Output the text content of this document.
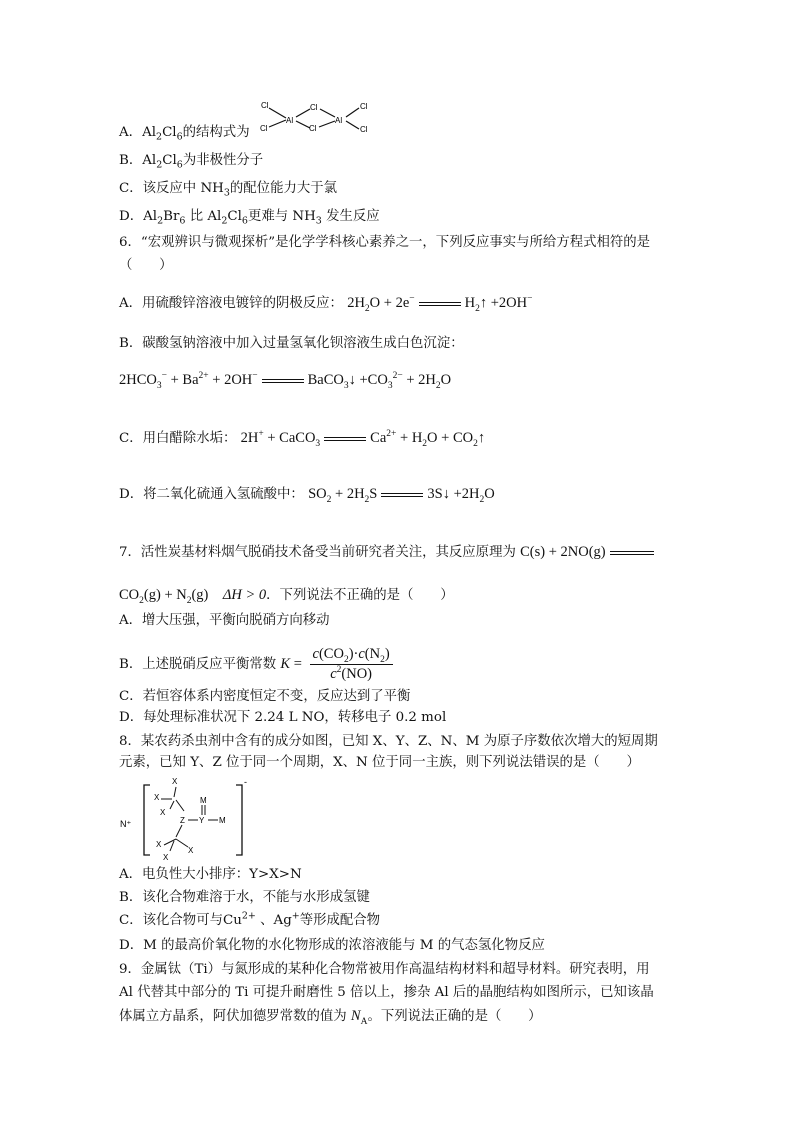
A．$Al_2Cl_6$的结构式为
Cl
Cl
Al
Cl
Cl
Al
Cl
Cl
B．$Al_2Cl_6$为非极性分子
C．该反应中 $NH_3$的配位能力大于氯
D．$Al_2Br_6$ 比 $Al_2Cl_6$更难与 $NH_3$ 发生反应
6．“宏观辨识与微观探析”是化学学科核心素养之一，下列反应事实与所给方程式相符的是
（　　）
A．用硫酸锌溶液电镀锌的阴极反应： $2H_2O + 2e^-$	$H_2↑ +2OH^-$
B．碳酸氢钠溶液中加入过量氢氧化钡溶液生成白色沉淀：
$2HCO_3^- + Ba^{2+} + 2OH^-$	BaCO$_3$↓ $+CO_3^{2-} + 2H_2O$
C．用白醋除水垢： 2H+ + CaCO$_3$	$Ca^{2+} + H_2O$ + $CO_2↑$
D．将二氧化硫通入氢硫酸中： $SO_2 + 2H_2S$	3S↓ $+2H_2O$
7．活性炭基材料烟气脱硝技术备受当前研究者关注，其反应原理为 C(s) + 2NO(g)
$CO_2(g) + N_2(g)$    ΔH > 0．下列说法不正确的是（　　）
A．增大压强，平衡向脱硝方向移动
B．上述脱硝反应平衡常数 $K = \frac{c(CO_2)\cdot c(N_2)}{c^2(NO)}$
C．若恒容体系内密度恒定不变，反应达到了平衡
D．每处理标准状况下 2.24 L NO，转移电子 0.2 mol
8．某农药杀虫剂中含有的成分如图，已知 X、Y、Z、N、M 为原子序数依次增大的短周期
元素，已知 Y、Z 位于同一个周期，X、N 位于同一主族，则下列说法错误的是（　　）
N⁺
-
X
X
X
Z Y
M
M
X
X
X
A．电负性大小排序：Y>X>N
B．该化合物难溶于水，不能与水形成氢键
C．该化合物可与$Cu^{2+}$ 、Ag+等形成配合物
D．M 的最高价氧化物的水化物形成的浓溶液能与 M 的气态氢化物反应
9．金属钛（Ti）与氮形成的某种化合物常被用作高温结构材料和超导材料。研究表明，用
Al 代替其中部分的 Ti 可提升耐磨性 5 倍以上，掺杂 Al 后的晶胞结构如图所示，已知该晶
体属立方晶系，阿伏加德罗常数的值为 $N_A$。下列说法正确的是（　　）
